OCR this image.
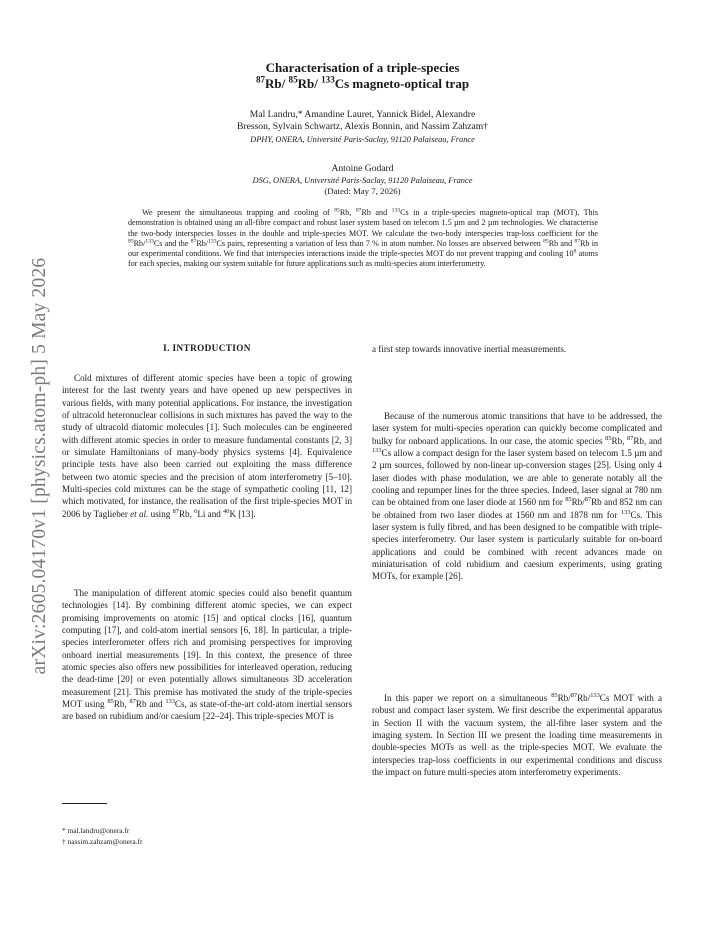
arXiv:2605.04170v1 [physics.atom-ph] 5 May 2026
Characterisation of a triple-species
$^{87}$Rb/ $^{85}$Rb/ $^{133}$Cs magneto-optical trap
Mal Landru,* Amandine Lauret, Yannick Bidel, Alexandre
Bresson, Sylvain Schwartz, Alexis Bonnin, and Nassim Zahzam†
DPHY, ONERA, Université Paris-Saclay, 91120 Palaiseau, France
Antoine Godard
DSG, ONERA, Université Paris-Saclay, 91120 Palaiseau, France
(Dated: May 7, 2026)

We present the simultaneous trapping and cooling of $^{85}$Rb, $^{87}$Rb and $^{133}$Cs in a triple-species magneto-optical trap (MOT). This demonstration is obtained using an all-fibre compact and robust laser system based on telecom 1.5 µm and 2 µm technologies. We characterise the two-body interspecies losses in the double and triple-species MOT. We calculate the two-body interspecies trap-loss coefficient for the $^{85}$Rb/$^{133}$Cs and the $^{87}$Rb/$^{133}$Cs pairs, representing a variation of less than 7 % in atom number. No losses are observed between $^{85}$Rb and $^{87}$Rb in our experimental conditions. We find that interspecies interactions inside the triple-species MOT do not prevent trapping and cooling $10^8$ atoms for each species, making our system suitable for future applications such as multi-species atom interferometry.

I. INTRODUCTION

Cold mixtures of different atomic species have been a topic of growing interest for the last twenty years and have opened up new perspectives in various fields, with many potential applications. For instance, the investigation of ultracold heteronuclear collisions in such mixtures has paved the way to the study of ultracold diatomic molecules [1]. Such molecules can be engineered with different atomic species in order to measure fundamental constants [2, 3] or simulate Hamiltonians of many-body physics systems [4]. Equivalence principle tests have also been carried out exploiting the mass difference between two atomic species and the precision of atom interferometry [5–10]. Multi-species cold mixtures can be the stage of sympathetic cooling [11, 12] which motivated, for instance, the realisation of the first triple-species MOT in 2006 by Taglieber et al. using $^{87}$Rb, $^6$Li and $^{40}$K [13].

The manipulation of different atomic species could also benefit quantum technologies [14]. By combining different atomic species, we can expect promising improvements on atomic [15] and optical clocks [16], quantum computing [17], and cold-atom inertial sensors [6, 18]. In particular, a triple-species interferometer offers rich and promising perspectives for improving onboard inertial measurements [19]. In this context, the presence of three atomic species also offers new possibilities for interleaved operation, reducing the dead-time [20] or even potentially allows simultaneous 3D acceleration measurement [21]. This premise has motivated the study of the triple-species MOT using $^{85}$Rb, $^{87}$Rb and $^{133}$Cs, as state-of-the-art cold-atom inertial sensors are based on rubidium and/or caesium [22–24]. This triple-species MOT is

* mal.landru@onera.fr
† nassim.zahzam@onera.fr

a first step towards innovative inertial measurements.

Because of the numerous atomic transitions that have to be addressed, the laser system for multi-species operation can quickly become complicated and bulky for onboard applications. In our case, the atomic species $^{85}$Rb, $^{87}$Rb, and $^{133}$Cs allow a compact design for the laser system based on telecom 1.5 µm and 2 µm sources, followed by non-linear up-conversion stages [25]. Using only 4 laser diodes with phase modulation, we are able to generate notably all the cooling and repumper lines for the three species. Indeed, laser signal at 780 nm can be obtained from one laser diode at 1560 nm for $^{85}$Rb/$^{87}$Rb and 852 nm can be obtained from two laser diodes at 1560 nm and 1878 nm for $^{133}$Cs. This laser system is fully fibred, and has been designed to be compatible with triple-species interferometry. Our laser system is particularly suitable for on-board applications and could be combined with recent advances made on miniaturisation of cold rubidium and caesium experiments, using grating MOTs, for example [26].

In this paper we report on a simultaneous $^{85}$Rb/$^{87}$Rb/$^{133}$Cs MOT with a robust and compact laser system. We first describe the experimental apparatus in Section II with the vacuum system, the all-fibre laser system and the imaging system. In Section III we present the loading time measurements in double-species MOTs as well as the triple-species MOT. We evaluate the interspecies trap-loss coefficients in our experimental conditions and discuss the impact on future multi-species atom interferometry experiments.
